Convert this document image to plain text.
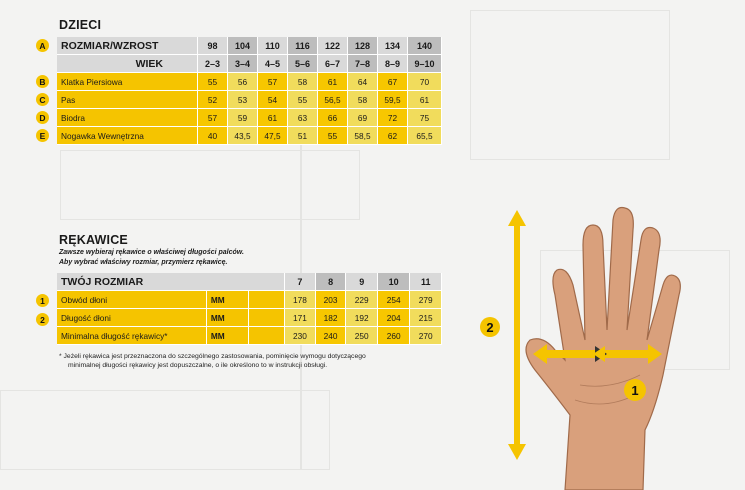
DZIECI
A
B
C
D
E
ROZMIAR/WZROST	98	104	110	116	122	128	134	140
WIEK	2–3	3–4	4–5	5–6	6–7	7–8	8–9	9–10
Klatka Piersiowa	55	56	57	58	61	64	67	70
Pas	52	53	54	55	56,5	58	59,5	61
Biodra	57	59	61	63	66	69	72	75
Nogawka Wewnętrzna	40	43,5	47,5	51	55	58,5	62	65,5
RĘKAWICE
Zawsze wybieraj rękawice o właściwej długości palców.
Aby wybrać właściwy rozmiar, przymierz rękawicę.
1
2
TWÓJ ROZMIAR			7	8	9	10	11
Obwód dłoni	MM		178	203	229	254	279
Długość dłoni	MM		171	182	192	204	215
Minimalna długość rękawicy*	MM		230	240	250	260	270
* Jeżeli rękawica jest przeznaczona do szczególnego zastosowania, pominięcie wymogu dotyczącego
minimalnej długości rękawicy jest dopuszczalne, o ile określono to w instrukcji obsługi.
2
1
